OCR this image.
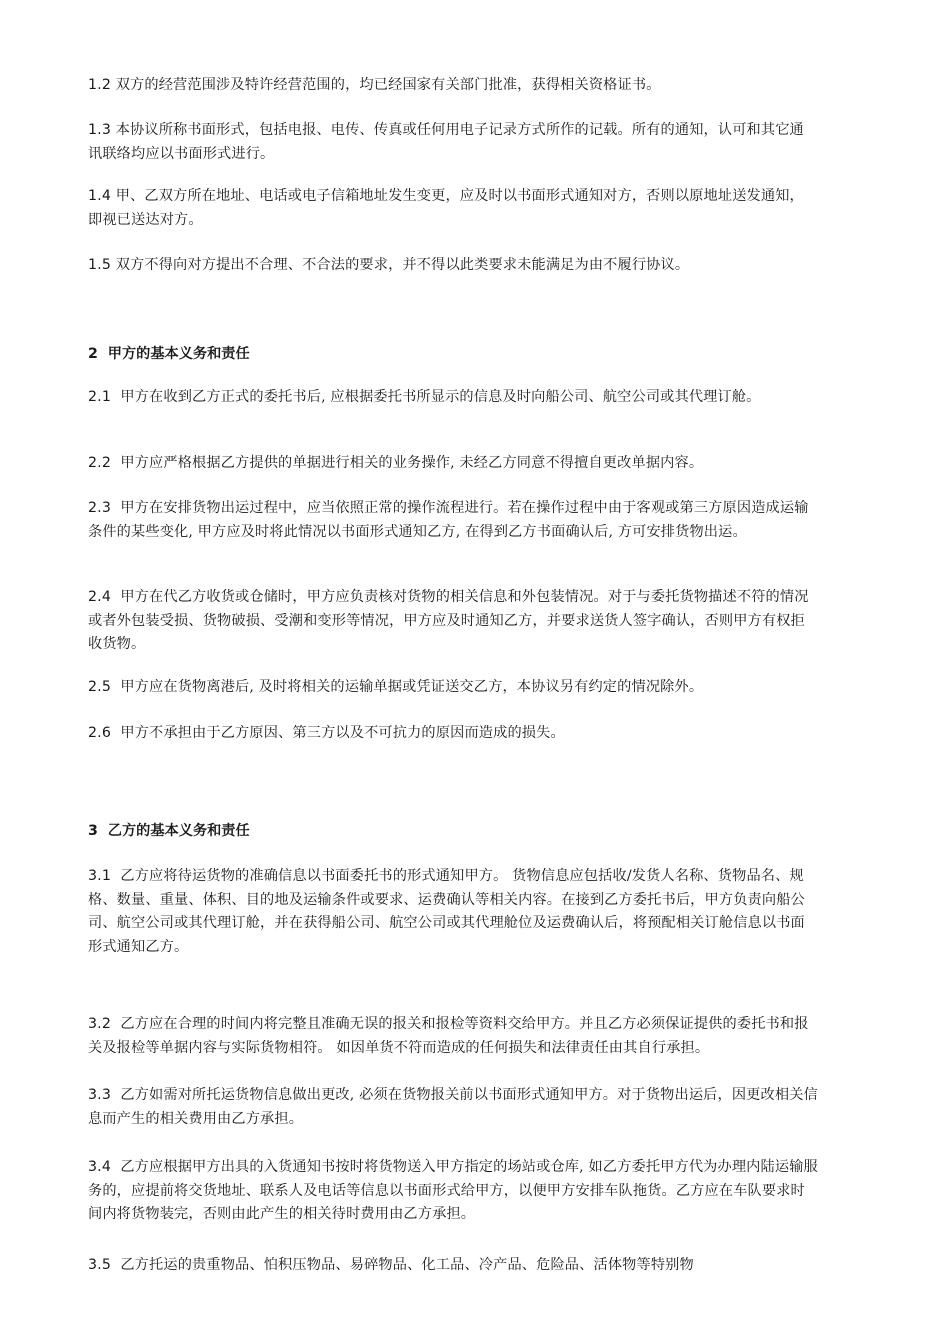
1.2 双方的经营范围涉及特许经营范围的，均已经国家有关部门批准，获得相关资格证书。

1.3 本协议所称书面形式，包括电报、电传、传真或任何用电子记录方式所作的记载。所有的通知，认可和其它通讯联络均应以书面形式进行。

1.4 甲、乙双方所在地址、电话或电子信箱地址发生变更，应及时以书面形式通知对方，否则以原地址送发通知，即视已送达对方。

1.5 双方不得向对方提出不合理、不合法的要求，并不得以此类要求未能满足为由不履行协议。

2 甲方的基本义务和责任

2.1 甲方在收到乙方正式的委托书后, 应根据委托书所显示的信息及时向船公司、航空公司或其代理订舱。

2.2 甲方应严格根据乙方提供的单据进行相关的业务操作, 未经乙方同意不得擅自更改单据内容。

2.3 甲方在安排货物出运过程中，应当依照正常的操作流程进行。若在操作过程中由于客观或第三方原因造成运输条件的某些变化, 甲方应及时将此情况以书面形式通知乙方, 在得到乙方书面确认后, 方可安排货物出运。

2.4 甲方在代乙方收货或仓储时，甲方应负责核对货物的相关信息和外包装情况。对于与委托货物描述不符的情况或者外包装受损、货物破损、受潮和变形等情况，甲方应及时通知乙方，并要求送货人签字确认，否则甲方有权拒收货物。

2.5 甲方应在货物离港后, 及时将相关的运输单据或凭证送交乙方，本协议另有约定的情况除外。

2.6 甲方不承担由于乙方原因、第三方以及不可抗力的原因而造成的损失。

3 乙方的基本义务和责任

3.1 乙方应将待运货物的准确信息以书面委托书的形式通知甲方。 货物信息应包括收/发货人名称、货物品名、规格、数量、重量、体积、目的地及运输条件或要求、运费确认等相关内容。在接到乙方委托书后，甲方负责向船公司、航空公司或其代理订舱，并在获得船公司、航空公司或其代理舱位及运费确认后，将预配相关订舱信息以书面形式通知乙方。

3.2 乙方应在合理的时间内将完整且准确无误的报关和报检等资料交给甲方。并且乙方必须保证提供的委托书和报关及报检等单据内容与实际货物相符。 如因单货不符而造成的任何损失和法律责任由其自行承担。

3.3 乙方如需对所托运货物信息做出更改, 必须在货物报关前以书面形式通知甲方。对于货物出运后，因更改相关信息而产生的相关费用由乙方承担。

3.4 乙方应根据甲方出具的入货通知书按时将货物送入甲方指定的场站或仓库, 如乙方委托甲方代为办理内陆运输服务的，应提前将交货地址、联系人及电话等信息以书面形式给甲方，以便甲方安排车队拖货。乙方应在车队要求时间内将货物装完，否则由此产生的相关待时费用由乙方承担。

3.5 乙方托运的贵重物品、怕积压物品、易碎物品、化工品、冷产品、危险品、活体物等特别物
